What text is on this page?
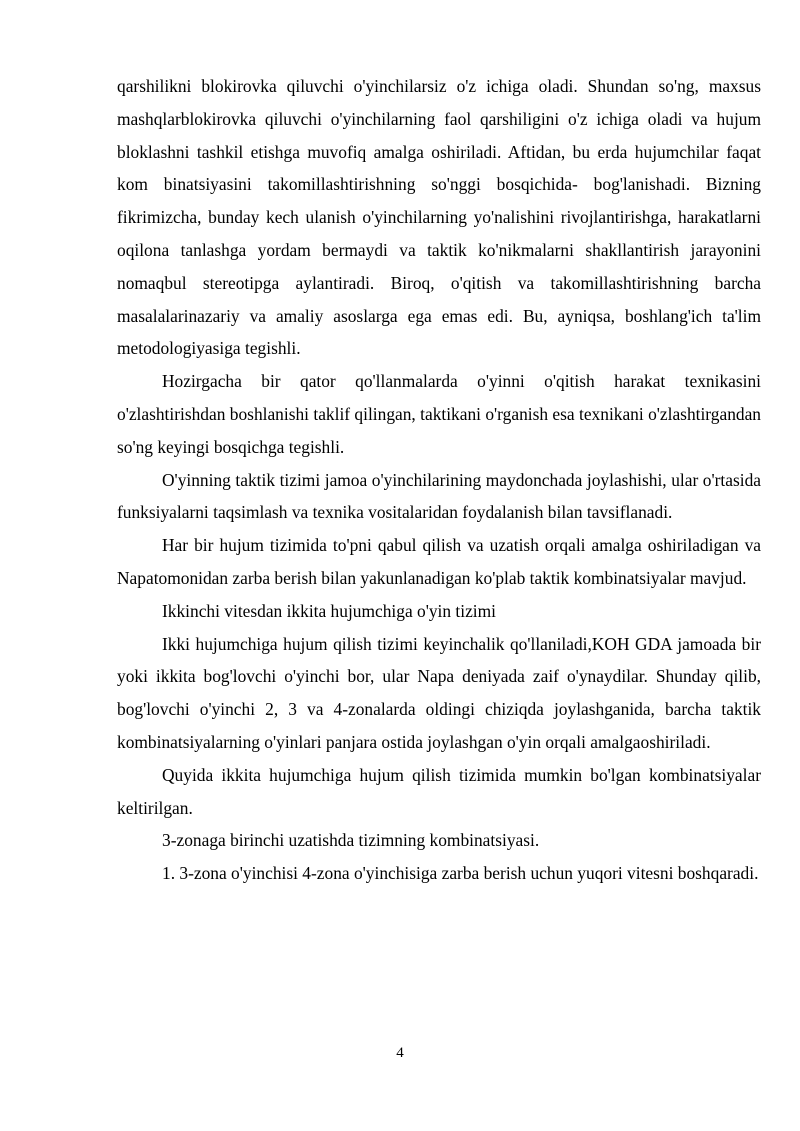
qarshilikni blokirovka qiluvchi o'yinchilarsiz o'z ichiga oladi. Shundan so'ng, maxsus mashqlarblokirovka qiluvchi o'yinchilarning faol qarshiligini o'z ichiga oladi va hujum bloklashni tashkil etishga muvofiq amalga oshiriladi. Aftidan, bu erda hujumchilar faqat kom binatsiyasini takomillashtirishning so'nggi bosqichida- bog'lanishadi. Bizning fikrimizcha, bunday kech ulanish o'yinchilarning yo'nalishini rivojlantirishga, harakatlarni oqilona tanlashga yordam bermaydi va taktik ko'nikmalarni shakllantirish jarayonini nomaqbul stereotipga aylantiradi. Biroq, o'qitish va takomillashtirishning barcha masalalarinazariy va amaliy asoslarga ega emas edi. Bu, ayniqsa, boshlang'ich ta'lim metodologiyasiga tegishli.

Hozirgacha bir qator qo'llanmalarda o'yinni o'qitish harakat texnikasini o'zlashtirishdan boshlanishi taklif qilingan, taktikani o'rganish esa texnikani o'zlashtirgandan so'ng keyingi bosqichga tegishli.

O'yinning taktik tizimi jamoa o'yinchilarining maydonchada joylashishi, ular o'rtasida funksiyalarni taqsimlash va texnika vositalaridan foydalanish bilan tavsiflanadi.

Har bir hujum tizimida to'pni qabul qilish va uzatish orqali amalga oshiriladigan va Napatomonidan zarba berish bilan yakunlanadigan ko'plab taktik kombinatsiyalar mavjud.

Ikkinchi vitesdan ikkita hujumchiga o'yin tizimi

Ikki hujumchiga hujum qilish tizimi keyinchalik qo'llaniladi,KOH GDA jamoada bir yoki ikkita bog'lovchi o'yinchi bor, ular Napa deniyada zaif o'ynaydilar. Shunday qilib, bog'lovchi o'yinchi 2, 3 va 4-zonalarda oldingi chiziqda joylashganida, barcha taktik kombinatsiyalarning o'yinlari panjara ostida joylashgan o'yin orqali amalgaoshiriladi.

Quyida ikkita hujumchiga hujum qilish tizimida mumkin bo'lgan kombinatsiyalar keltirilgan.

3-zonaga birinchi uzatishda tizimning kombinatsiyasi.

1. 3-zona o'yinchisi 4-zona o'yinchisiga zarba berish uchun yuqori vitesni boshqaradi.

4
